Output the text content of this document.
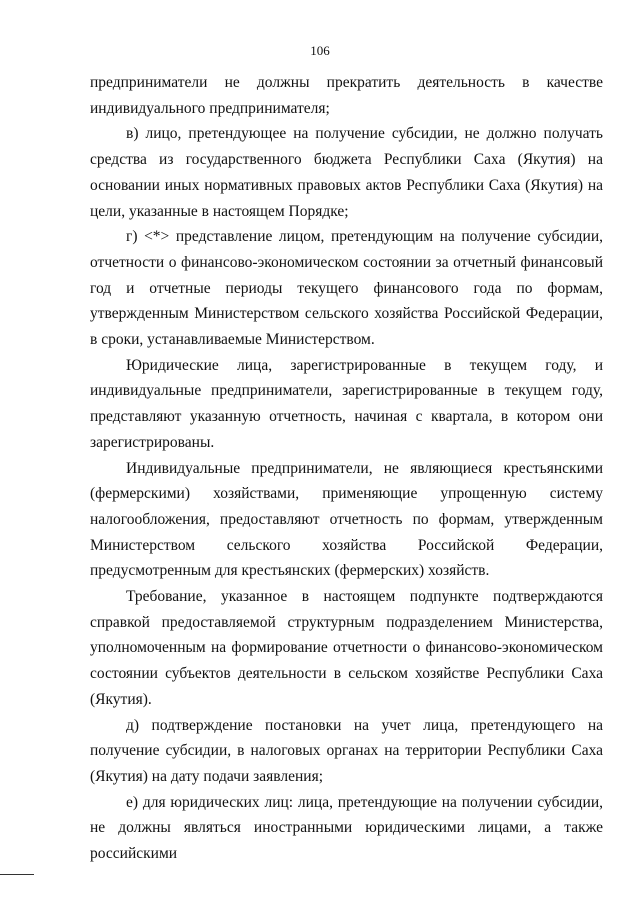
106

предприниматели не должны прекратить деятельность в качестве индивидуального предпринимателя;

в) лицо, претендующее на получение субсидии, не должно получать средства из государственного бюджета Республики Саха (Якутия) на основании иных нормативных правовых актов Республики Саха (Якутия) на цели, указанные в настоящем Порядке;

г) <*> представление лицом, претендующим на получение субсидии, отчетности о финансово-экономическом состоянии за отчетный финансовый год и отчетные периоды текущего финансового года по формам, утвержденным Министерством сельского хозяйства Российской Федерации, в сроки, устанавливаемые Министерством.

Юридические лица, зарегистрированные в текущем году, и индивидуальные предприниматели, зарегистрированные в текущем году, представляют указанную отчетность, начиная с квартала, в котором они зарегистрированы.

Индивидуальные предприниматели, не являющиеся крестьянскими (фермерскими) хозяйствами, применяющие упрощенную систему налогообложения, предоставляют отчетность по формам, утвержденным Министерством сельского хозяйства Российской Федерации, предусмотренным для крестьянских (фермерских) хозяйств.

Требование, указанное в настоящем подпункте подтверждаются справкой предоставляемой структурным подразделением Министерства, уполномоченным на формирование отчетности о финансово-экономическом состоянии субъектов деятельности в сельском хозяйстве Республики Саха (Якутия).

д) подтверждение постановки на учет лица, претендующего на получение субсидии, в налоговых органах на территории Республики Саха (Якутия) на дату подачи заявления;

е) для юридических лиц: лица, претендующие на получении субсидии, не должны являться иностранными юридическими лицами, а также российскими
